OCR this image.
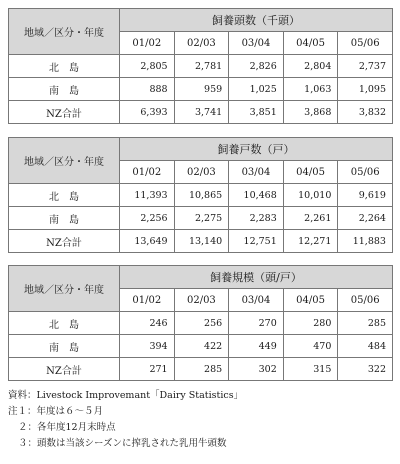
地域／区分・年度	飼養頭数（千頭）				
	01/02	02/03	03/04	04/05	05/06
北　島	2,805	2,781	2,826	2,804	2,737
南　島	888	959	1,025	1,063	1,095
NZ合計	6,393	3,741	3,851	3,868	3,832
地域／区分・年度	飼養戸数（戸）				
	01/02	02/03	03/04	04/05	05/06
北　島	11,393	10,865	10,468	10,010	9,619
南　島	2,256	2,275	2,283	2,261	2,264
NZ合計	13,649	13,140	12,751	12,271	11,883
地域／区分・年度	飼養規模（頭/戸）				
	01/02	02/03	03/04	04/05	05/06
北　島	246	256	270	280	285
南　島	394	422	449	470	484
NZ合計	271	285	302	315	322
資料：Livestock Improvemant「Dairy Statistics」
注１：年度は６～５月
２：各年度12月末時点
３：頭数は当該シーズンに搾乳された乳用牛頭数
